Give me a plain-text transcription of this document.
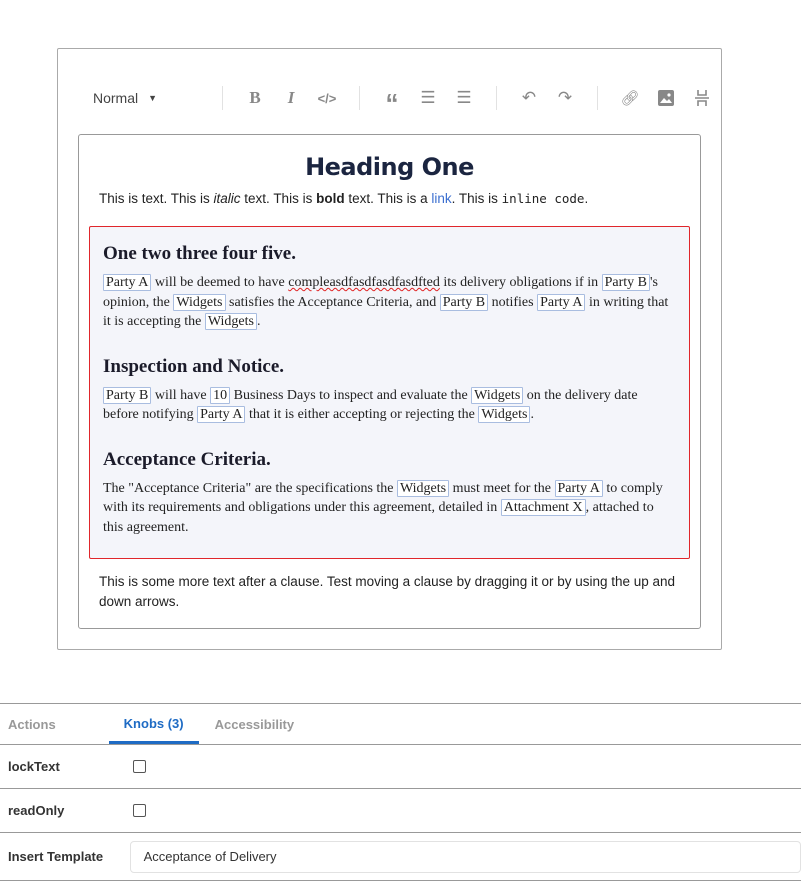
Normal ▼	B	I	</> “	☰ ☰	↶ ↷	🔗︎
Heading One
This is text. This is italic text. This is bold text. This is a link. This is inline code.
One two three four five.

Party A will be deemed to have compleasdfasdfasdfasdfted its delivery obligations if in Party B 's opinion, the Widgets satisfies the Acceptance Criteria, and Party B notifies Party A in writing that it is accepting the Widgets .

Inspection and Notice.

Party B will have 10 Business Days to inspect and evaluate the Widgets on the delivery date before notifying Party A that it is either accepting or rejecting the Widgets .

Acceptance Criteria.

The "Acceptance Criteria" are the specifications the Widgets must meet for the Party A to comply with its requirements and obligations under this agreement, detailed in Attachment X , attached to this agreement.

This is some more text after a clause. Test moving a clause by dragging it or by using the up and down arrows.
Actions	Knobs (3)	Accessibility
lockText
readOnly
Insert Template	Acceptance of Delivery
